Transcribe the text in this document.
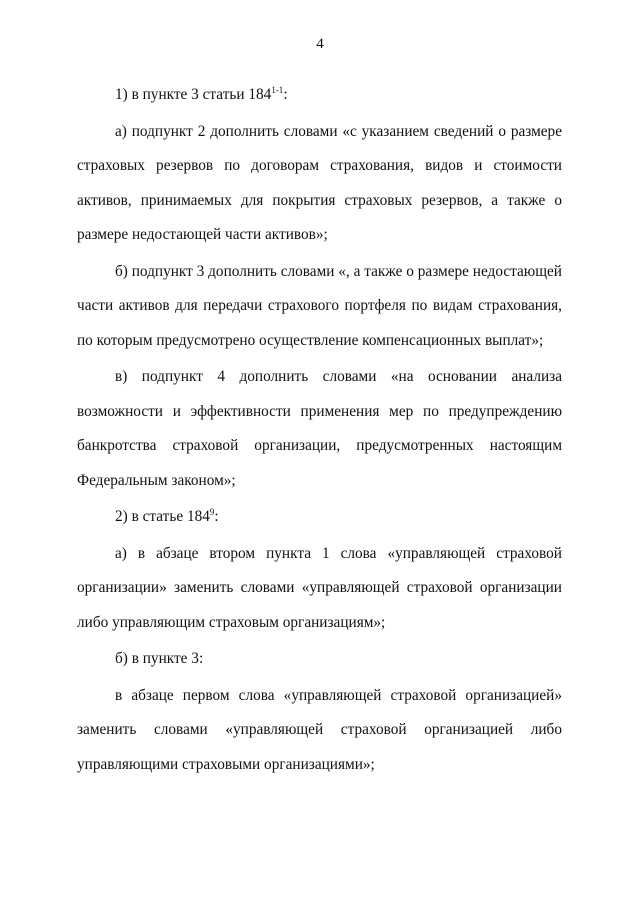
4

1) в пункте 3 статьи 184$^{1-1}$:

а) подпункт 2 дополнить словами «с указанием сведений о размере страховых резервов по договорам страхования, видов и стоимости активов, принимаемых для покрытия страховых резервов, а также о размере недостающей части активов»;

б) подпункт 3 дополнить словами «, а также о размере недостающей части активов для передачи страхового портфеля по видам страхования, по которым предусмотрено осуществление компенсационных выплат»;

в) подпункт 4 дополнить словами «на основании анализа возможности и эффективности применения мер по предупреждению банкротства страховой организации, предусмотренных настоящим Федеральным законом»;

2) в статье $184^9$:

а) в абзаце втором пункта 1 слова «управляющей страховой организации» заменить словами «управляющей страховой организации либо управляющим страховым организациям»;

б) в пункте 3:

в абзаце первом слова «управляющей страховой организацией» заменить словами «управляющей страховой организацией либо управляющими страховыми организациями»;
